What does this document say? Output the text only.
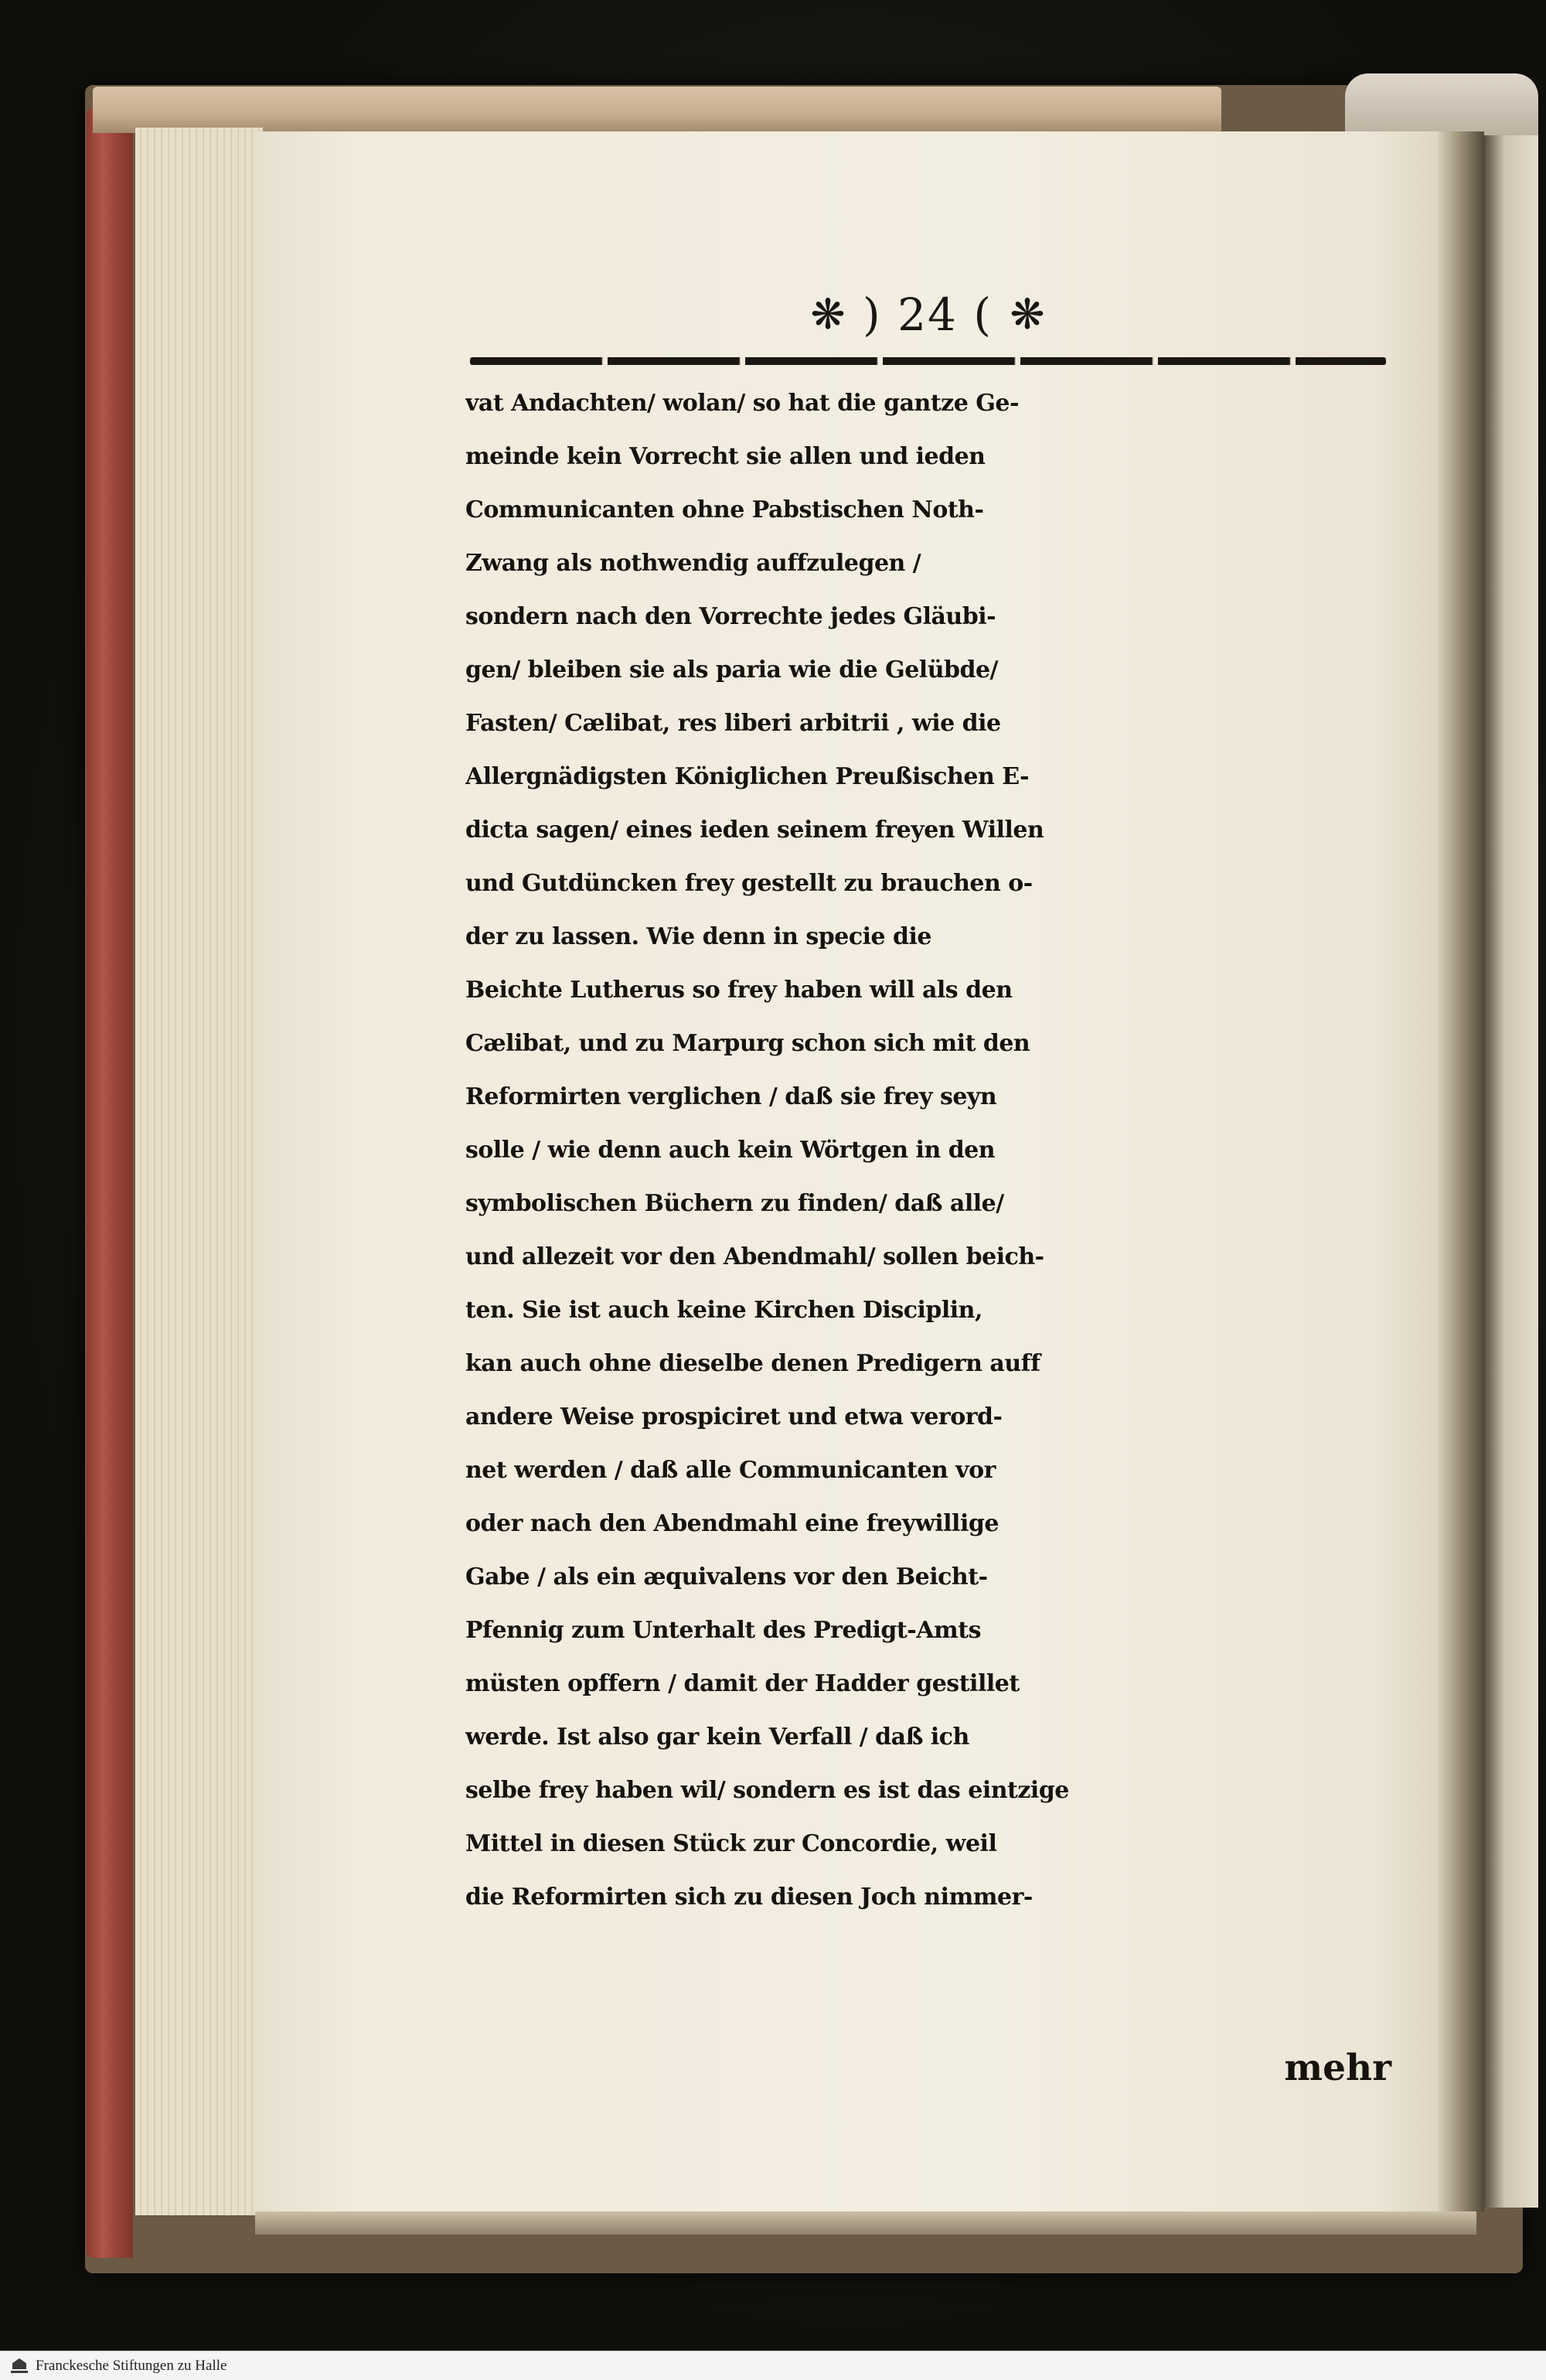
❋ ) 24 ( ❋
vat Andachten/ wolan/ so hat die gantze Ge-
meinde kein Vorrecht sie allen und ieden
Communicanten ohne Pabstischen Noth-
Zwang als nothwendig auffzulegen /
sondern nach den Vorrechte jedes Gläubi-
gen/ bleiben sie als paria wie die Gelübde/
Fasten/ Cælibat, res liberi arbitrii , wie die
Allergnädigsten Königlichen Preußischen E-
dicta sagen/ eines ieden seinem freyen Willen
und Gutdüncken frey gestellt zu brauchen o-
der zu lassen. Wie denn in specie die
Beichte Lutherus so frey haben will als den
Cælibat, und zu Marpurg schon sich mit den
Reformirten verglichen / daß sie frey seyn
solle / wie denn auch kein Wörtgen in den
symbolischen Büchern zu finden/ daß alle/
und allezeit vor den Abendmahl/ sollen beich-
ten. Sie ist auch keine Kirchen Disciplin,
kan auch ohne dieselbe denen Predigern auff
andere Weise prospiciret und etwa verord-
net werden / daß alle Communicanten vor
oder nach den Abendmahl eine freywillige
Gabe / als ein æquivalens vor den Beicht-
Pfennig zum Unterhalt des Predigt-Amts
müsten opffern / damit der Hadder gestillet
werde. Ist also gar kein Verfall / daß ich
selbe frey haben wil/ sondern es ist das eintzige
Mittel in diesen Stück zur Concordie, weil
die Reformirten sich zu diesen Joch nimmer-
mehr
Franckesche Stiftungen zu Halle
